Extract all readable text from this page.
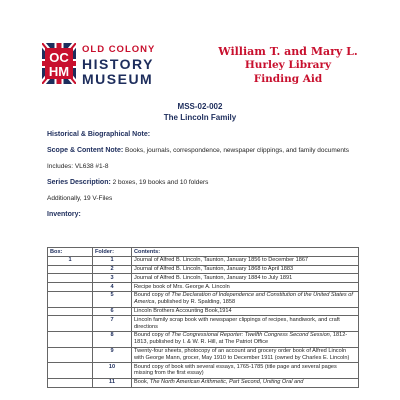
OC
HM
OLD COLONY
HISTORY
MUSEUM
William T. and Mary L.
Hurley Library
Finding Aid
MSS-02-002
The Lincoln Family
Historical & Biographical Note:

Scope & Content Note: Books, journals, correspondence, newspaper clippings, and family documents

Includes: VL638 #1-8

Series Description: 2 boxes, 19 books and 10 folders

Additionally, 19 V-Files

Inventory:
Box:	Folder:	Contents:
1	1	Journal of Alfred B. Lincoln, Taunton, January 1856 to December 1867
	2	Journal of Alfred B. Lincoln, Taunton, January 1868 to April 1883
	3	Journal of Alfred B. Lincoln, Taunton, January 1884 to July 1891
	4	Recipe book of Mrs. George A. Lincoln
	5	Bound copy of The Declaration of Independence and Constitution of the United States of America, published by R. Spalding, 1858
	6	Lincoln Brothers Accounting Book,1914
	7	Lincoln family scrap book with newspaper clippings of recipes, handiwork, and craft directions
	8	Bound copy of The Congressional Reporter: Twelfth Congress Second Session, 1812-1813, published by I. & W. R. Hill, at The Patriot Office
	9	Twenty-four sheets, photocopy of an account and grocery order book of Alfred Lincoln with George Mann, grocer, May 1910 to December 1911 (owned by Charles E. Lincoln)
	10	Bound copy of book with several essays, 1765-1785 (title page and several pages missing from the first essay)
	11	Book, The North American Arithmetic, Part Second, Uniting Oral and
